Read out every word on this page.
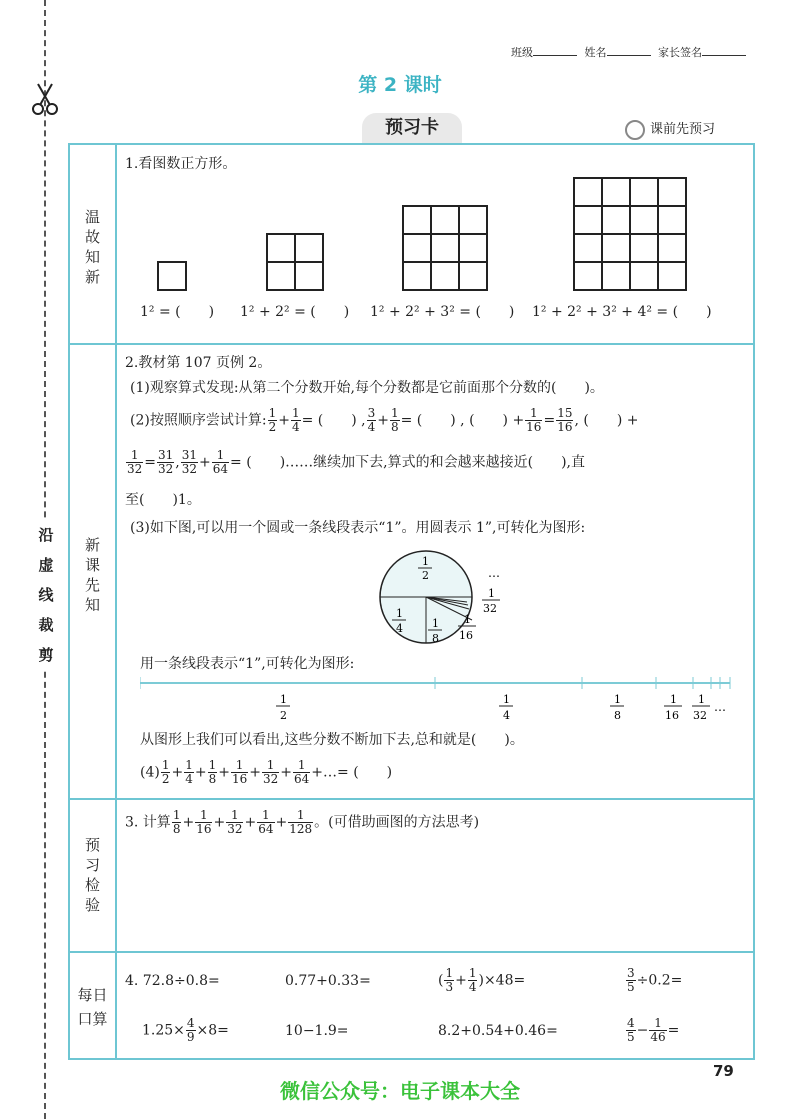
沿
虚
线
裁
剪
班级	姓名	家长签名
第 2 课时
预习卡	课前先预习
温
故
知
新
新
课
先
知
预
习
检
验
每日
口算
1.看图数正方形。
1² = (　　) 1² + 2² = (　　) 1² + 2² + 3² = (　　) 1² + 2² + 3² + 4² = (　　)
2.教材第 107 页例 2。
(1)观察算式发现:从第二个分数开始,每个分数都是它前面那个分数的(　　)。
(2)按照顺序尝试计算: $\frac{1}{2} + \frac{1}{4}$ = (　　) , $\frac{3}{4} + \frac{1}{8}$ = (　　) , (　　) + $\frac{1}{16} = \frac{15}{16}$ , (　　) +
$\frac{1}{32} = \frac{31}{32}$ , $\frac{31}{32} + \frac{1}{64}$ = (　　)……继续加下去,算式的和会越来越接近(　　),直
至(　　)1。
(3)如下图,可以用一个圆或一条线段表示“1”。用圆表示 1”,可转化为图形:
1
2
1
4	1
8
…
1
32
1
16
用一条线段表示“1”,可转化为图形:
1
2
1
4
1
8
1
16
1
32
…
从图形上我们可以看出,这些分数不断加下去,总和就是(　　)。
$(4) \frac{1}{2} + \frac{1}{4} + \frac{1}{8} + \frac{1}{16} + \frac{1}{32} + \frac{1}{64}$ +…= (　　)
3. 计算 $\frac{1}{8} + \frac{1}{16} + \frac{1}{32} + \frac{1}{64} + \frac{1}{128}$ 。(可借助画图的方法思考)
4. 72.8÷0.8=	0.77+0.33=	( $\frac{1}{3} + \frac{1}{4} )\times 48=$	$\frac{3}{5} \div 0.2=$
$1.25\times \frac{4}{9} \times 8=$	10−1.9=	8.2+0.54+0.46=	$\frac{4}{5} - \frac{1}{46}$ =
79
微信公众号：电子课本大全
